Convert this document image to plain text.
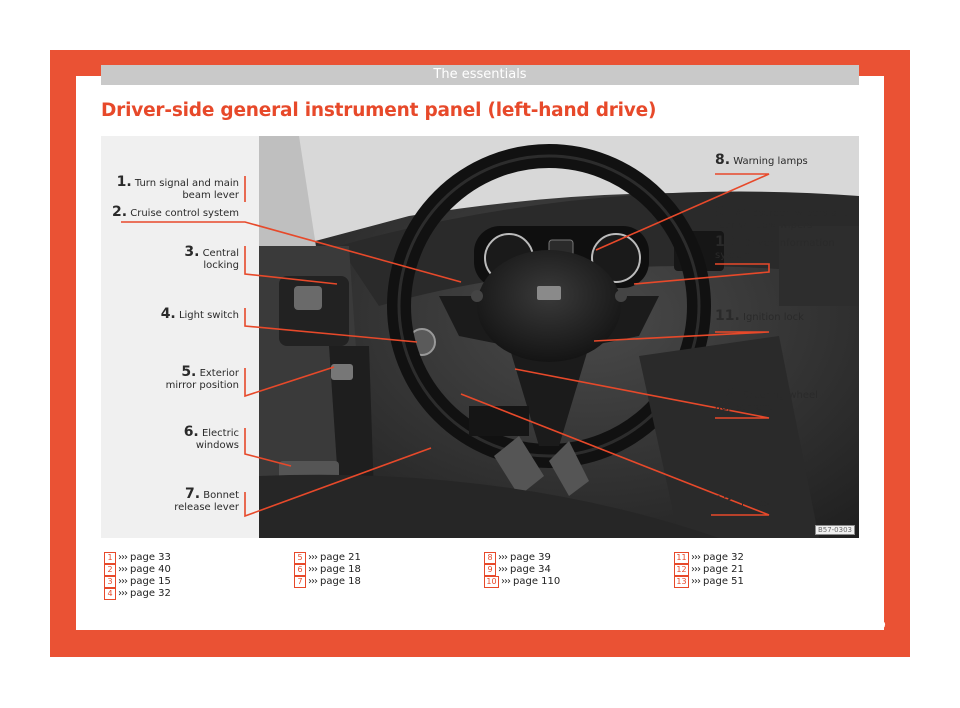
The essentials
Driver-side general instrument panel (left-hand drive)
1. Turn signal and main beam lever
2. Cruise control system
3. Central locking
4. Light switch
5. Exterior mirror position
6. Electric windows
7. Bonnet release lever
8. Warning lamps
9. Windscreen wipers and rear window wipers
10. Driver information system
11. Ignition lock
12. Steering wheel adjustment
13. Fuses
B57-0303
1 ››› page 33
2 ››› page 40
3 ››› page 15
4 ››› page 32
5 ››› page 21
6 ››› page 18
7 ››› page 18
8 ››› page 39
9 ››› page 34
10 ››› page 110
11 ››› page 32
12 ››› page 21
13 ››› page 51
9
